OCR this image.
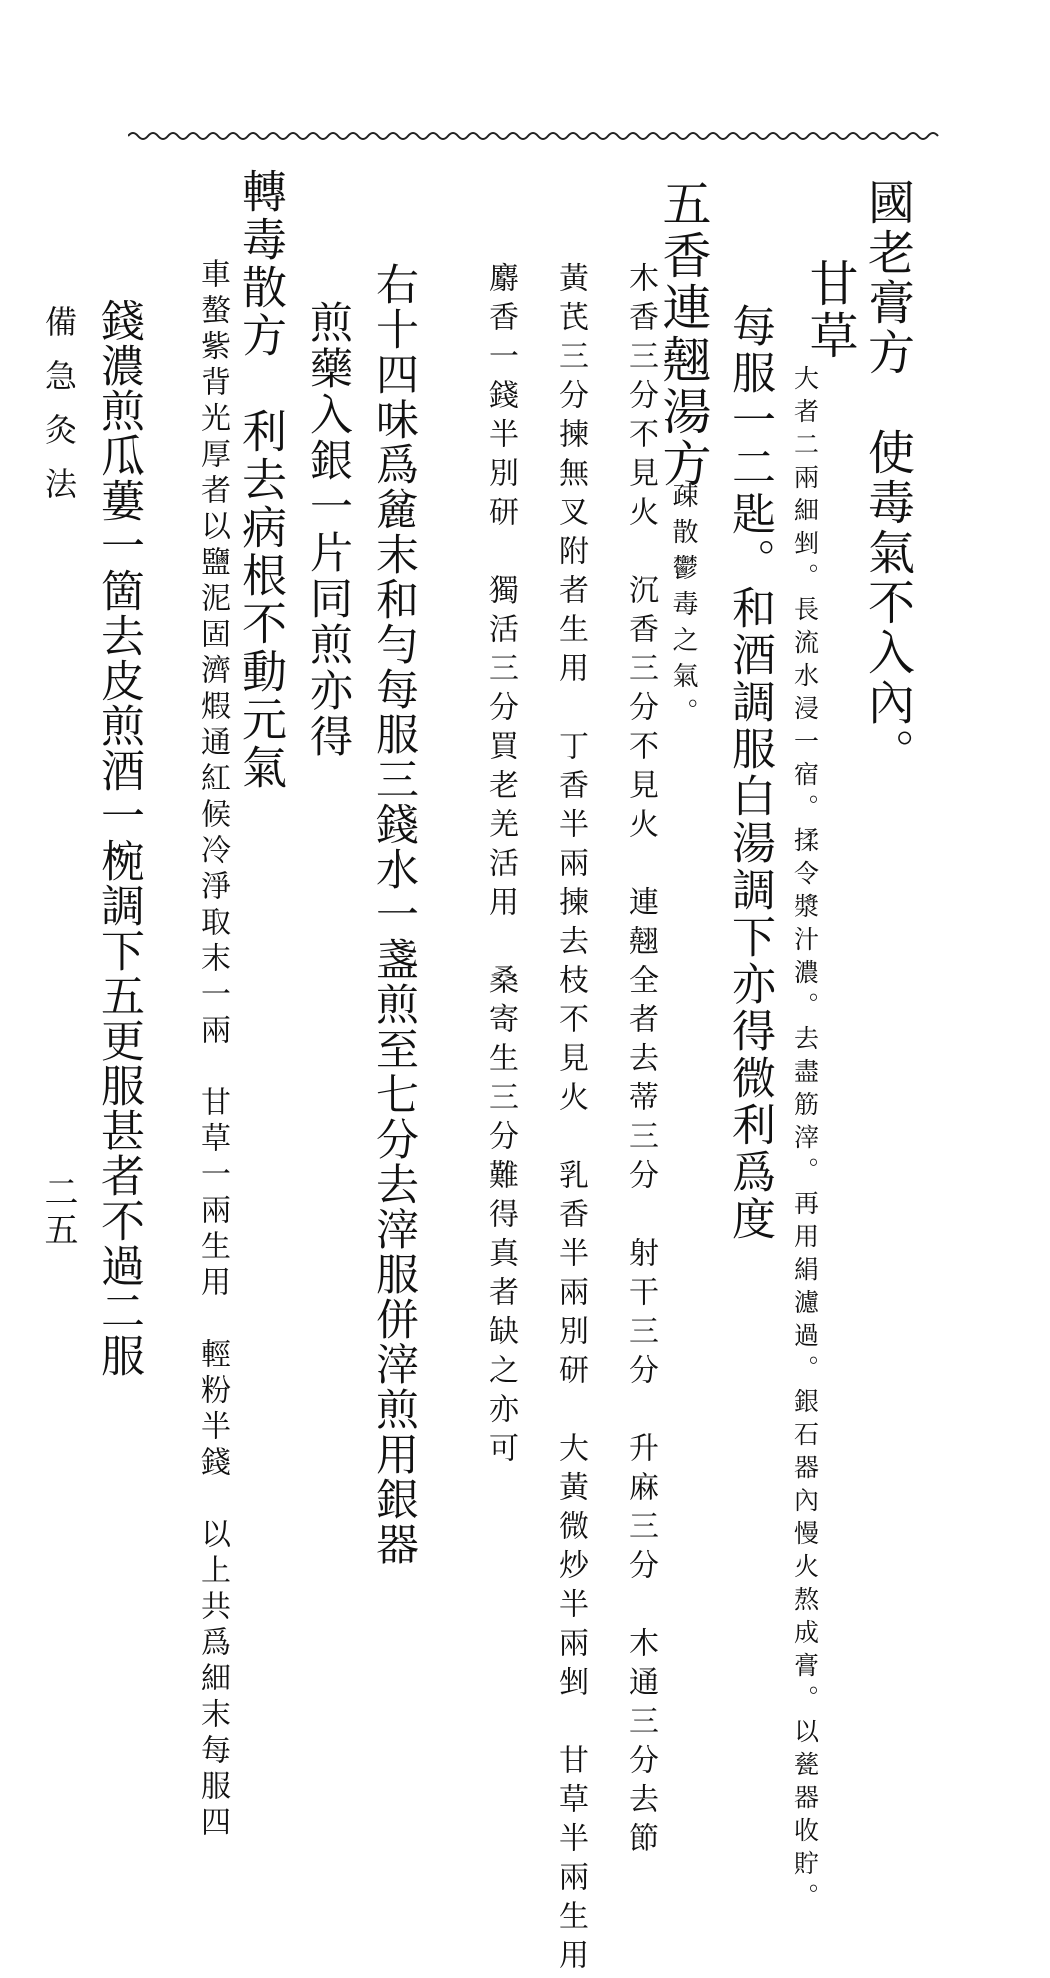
國老膏方　使毒氣不入內。
甘草
大者二兩細剉。長流水浸一宿。揉令漿汁濃。去盡筋滓。再用絹濾過。銀石器內慢火熬成膏。以甆器收貯。
每服一二匙。和酒調服白湯調下亦得微利爲度
五香連翹湯方
疎散鬱毒之氣。
木香三分不見火　沉香三分不見火　連翹全者去蒂三分　射干三分　升麻三分　木通三分去節
黃芪三分揀無叉附者生用　丁香半兩揀去枝不見火　乳香半兩別研　大黃微炒半兩剉　甘草半兩生用
麝香一錢半別研　獨活三分買老羌活用　桑寄生三分難得真者缺之亦可
右十四味爲麄末和勻每服三錢水一盞煎至七分去滓服併滓煎用銀器
煎藥入銀一片同煎亦得
轉毒散方　利去病根不動元氣
車螯紫背光厚者以鹽泥固濟煆通紅候冷淨取末一兩　甘草一兩生用　輕粉半錢　以上共爲細末每服四
錢濃煎瓜蔞一箇去皮煎酒一椀調下五更服甚者不過二服
備急灸法
二五
